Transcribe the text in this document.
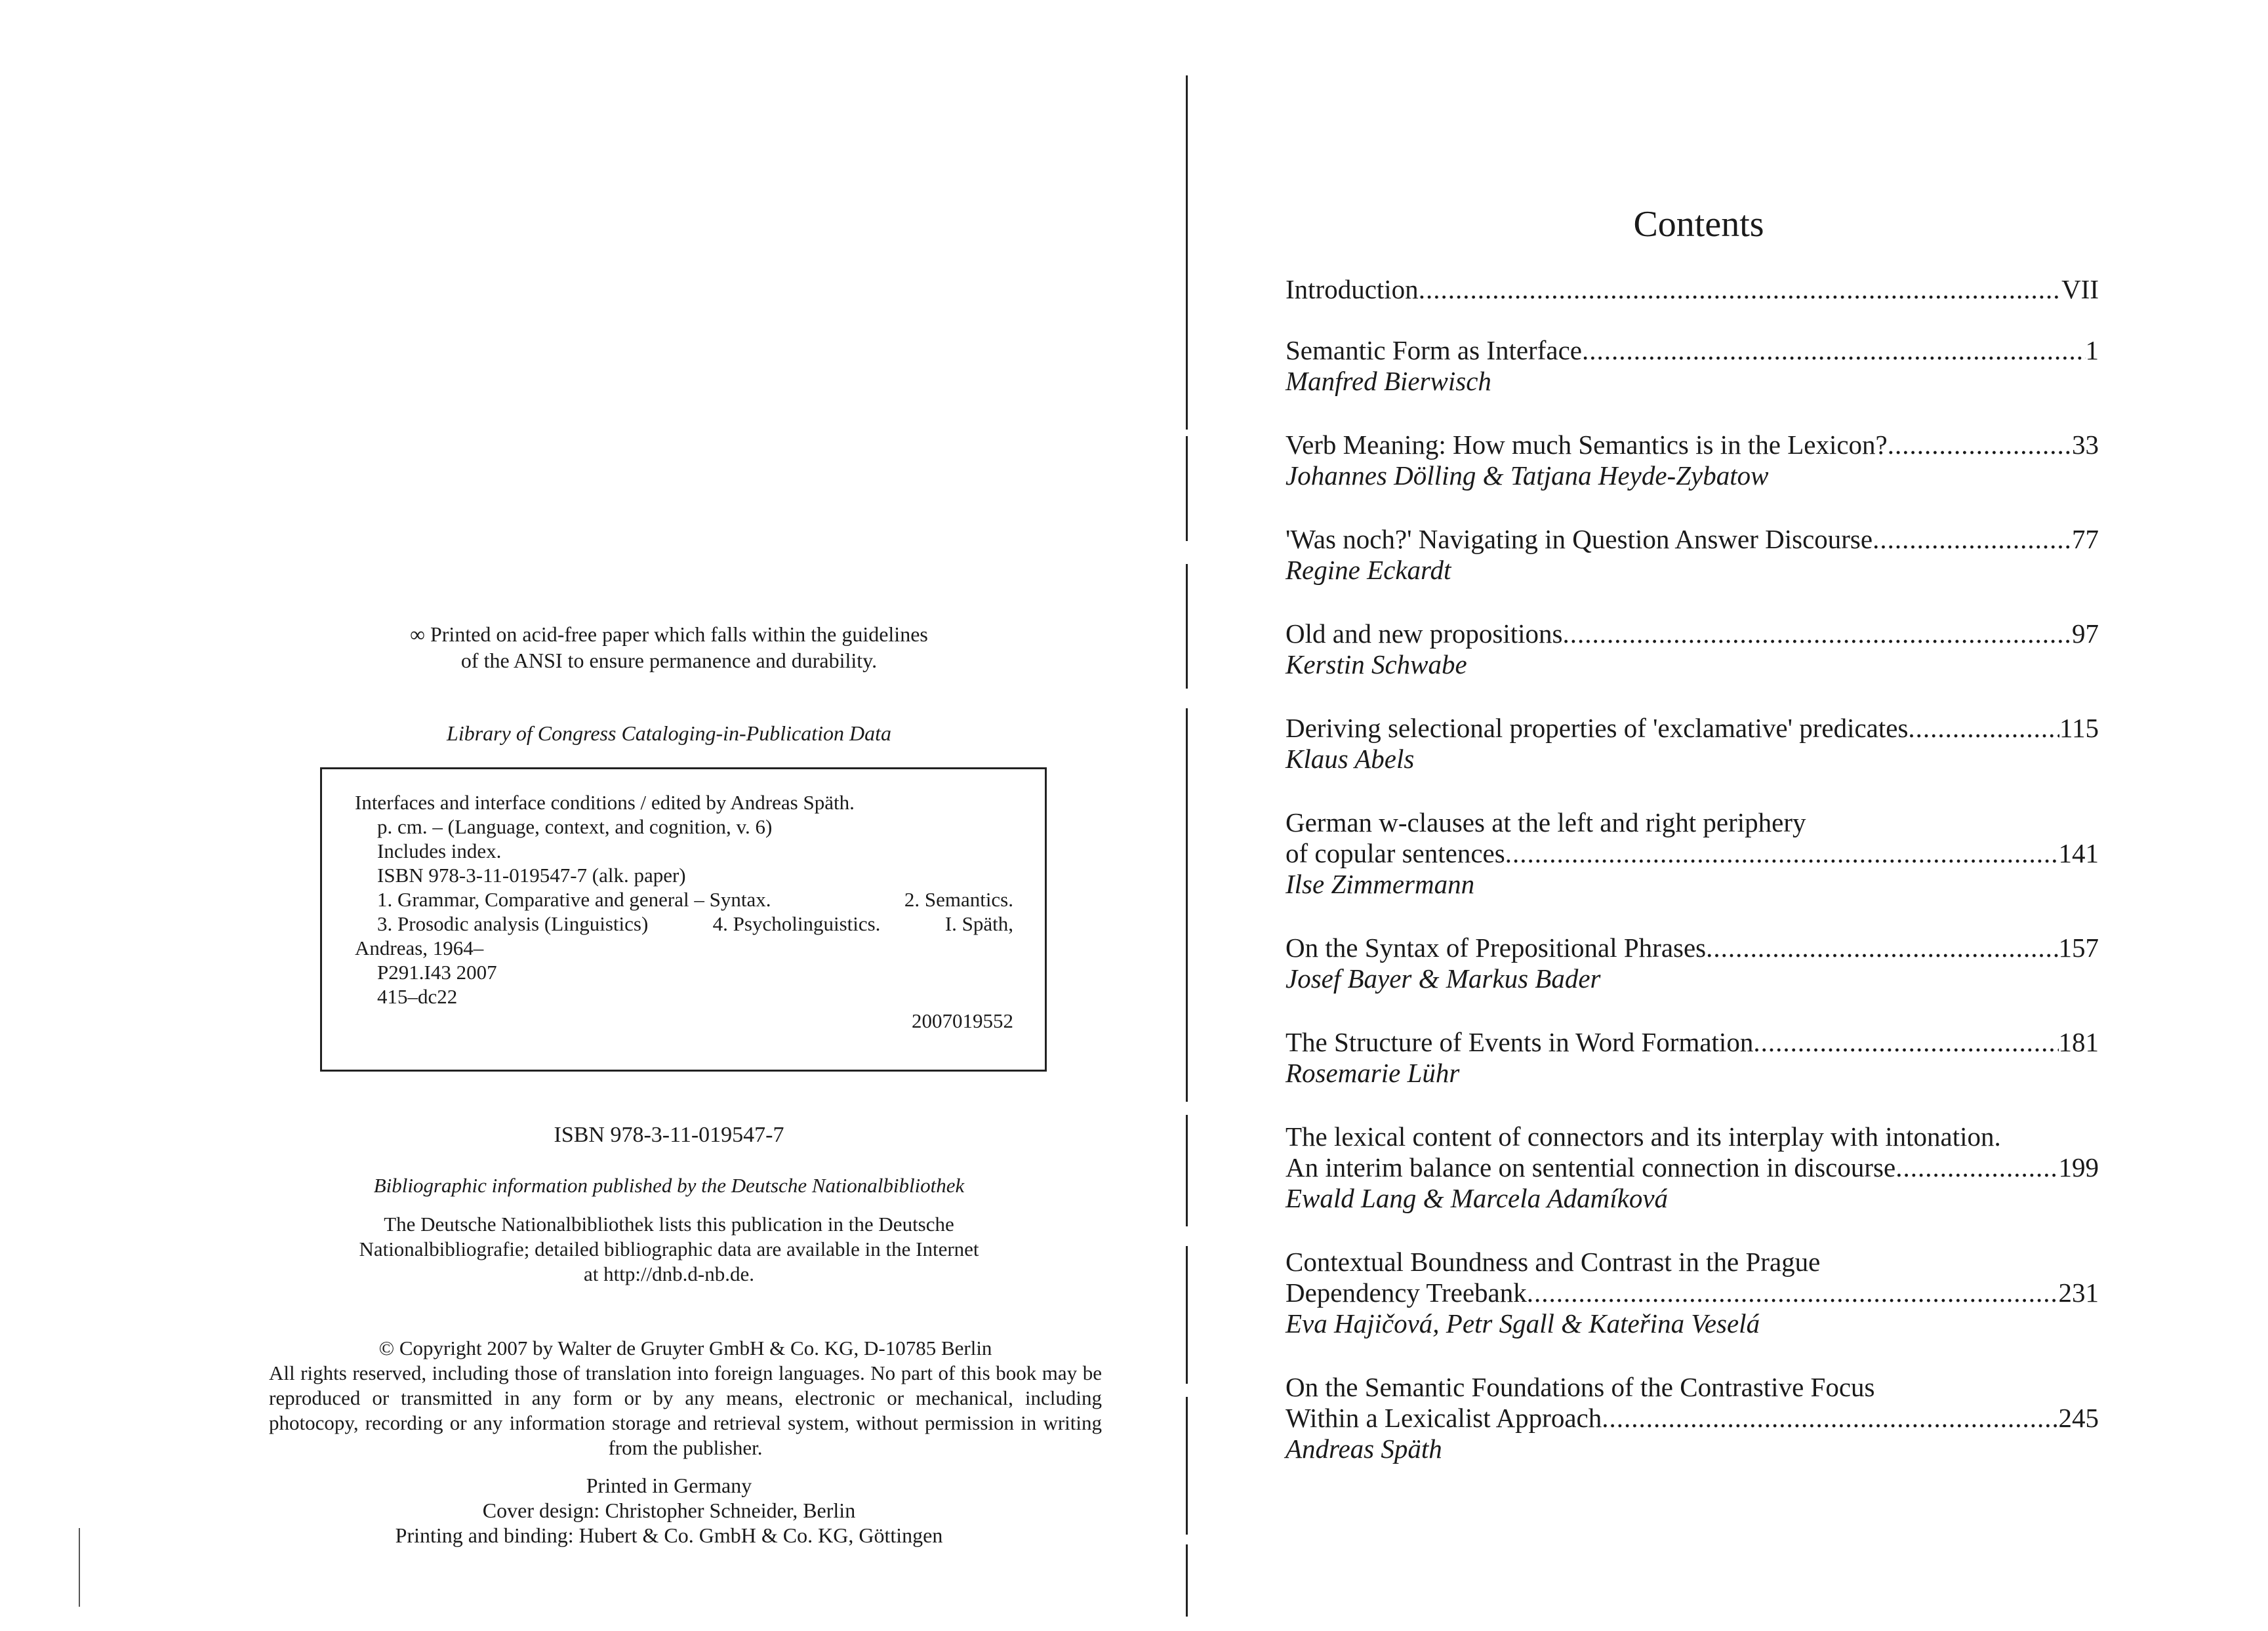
∞ Printed on acid-free paper which falls within the guidelines
of the ANSI to ensure permanence and durability.
Library of Congress Cataloging-in-Publication Data
Interfaces and interface conditions / edited by Andreas Späth.
p. cm. – (Language, context, and cognition, v. 6)
Includes index.
ISBN 978-3-11-019547-7 (alk. paper)
1. Grammar, Comparative and general – Syntax.	2. Semantics.
3. Prosodic analysis (Linguistics)	4. Psycholinguistics.	I. Späth,
Andreas, 1964–
P291.I43 2007
415–dc22
2007019552
ISBN 978-3-11-019547-7
Bibliographic information published by the Deutsche Nationalbibliothek
The Deutsche Nationalbibliothek lists this publication in the Deutsche
Nationalbibliografie; detailed bibliographic data are available in the Internet
at http://dnb.d-nb.de.
© Copyright 2007 by Walter de Gruyter GmbH & Co. KG, D-10785 Berlin
All rights reserved, including those of translation into foreign languages. No part of this book may be reproduced or transmitted in any form or by any means, electronic or mechanical, including photocopy, recording or any information storage and retrieval system, without permission in writing from the publisher.
Printed in Germany
Cover design: Christopher Schneider, Berlin
Printing and binding: Hubert & Co. GmbH & Co. KG, Göttingen
Contents
Introduction .....	VII
Semantic Form as Interface .....	1
Manfred Bierwisch
Verb Meaning: How much Semantics is in the Lexicon? .....	33
Johannes Dölling & Tatjana Heyde-Zybatow
'Was noch?' Navigating in Question Answer Discourse .....	77
Regine Eckardt
Old and new propositions .....	97
Kerstin Schwabe
Deriving selectional properties of 'exclamative' predicates .....	115
Klaus Abels
German w-clauses at the left and right periphery
of copular sentences .....	141
Ilse Zimmermann
On the Syntax of Prepositional Phrases .....	157
Josef Bayer & Markus Bader
The Structure of Events in Word Formation .....	181
Rosemarie Lühr
The lexical content of connectors and its interplay with intonation.
An interim balance on sentential connection in discourse .....	199
Ewald Lang & Marcela Adamíková
Contextual Boundness and Contrast in the Prague
Dependency Treebank .....	231
Eva Hajičová, Petr Sgall & Kateřina Veselá
On the Semantic Foundations of the Contrastive Focus
Within a Lexicalist Approach .....	245
Andreas Späth
